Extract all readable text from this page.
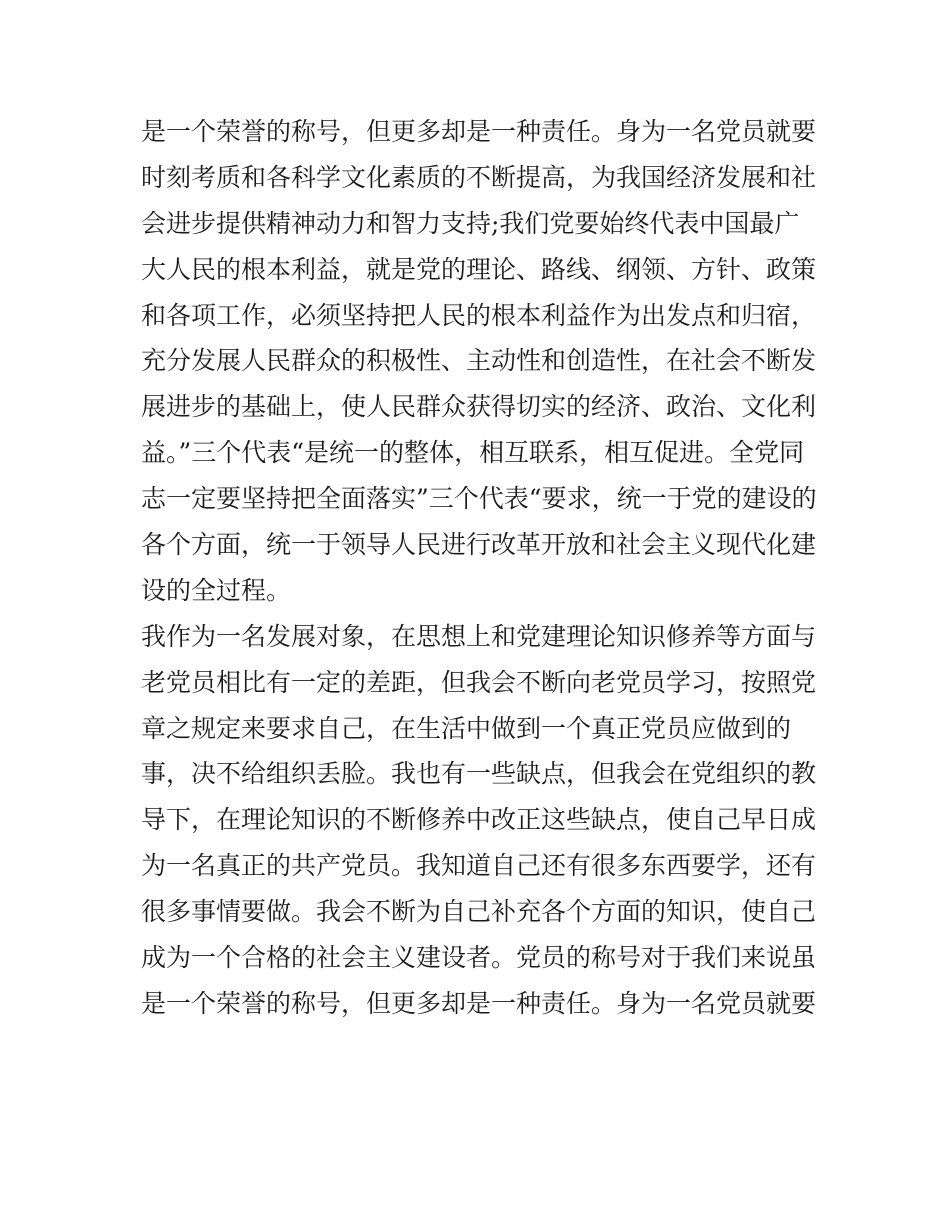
是一个荣誉的称号，但更多却是一种责任。身为一名党员就要
时刻考质和各科学文化素质的不断提高，为我国经济发展和社
会进步提供精神动力和智力支持;我们党要始终代表中国最广
大人民的根本利益，就是党的理论、路线、纲领、方针、政策
和各项工作，必须坚持把人民的根本利益作为出发点和归宿，
充分发展人民群众的积极性、主动性和创造性，在社会不断发
展进步的基础上，使人民群众获得切实的经济、政治、文化利
益。”三个代表“是统一的整体，相互联系，相互促进。全党同
志一定要坚持把全面落实”三个代表“要求，统一于党的建设的
各个方面，统一于领导人民进行改革开放和社会主义现代化建
设的全过程。
我作为一名发展对象，在思想上和党建理论知识修养等方面与
老党员相比有一定的差距，但我会不断向老党员学习，按照党
章之规定来要求自己，在生活中做到一个真正党员应做到的
事，决不给组织丢脸。我也有一些缺点，但我会在党组织的教
导下，在理论知识的不断修养中改正这些缺点，使自己早日成
为一名真正的共产党员。我知道自己还有很多东西要学，还有
很多事情要做。我会不断为自己补充各个方面的知识，使自己
成为一个合格的社会主义建设者。党员的称号对于我们来说虽
是一个荣誉的称号，但更多却是一种责任。身为一名党员就要
